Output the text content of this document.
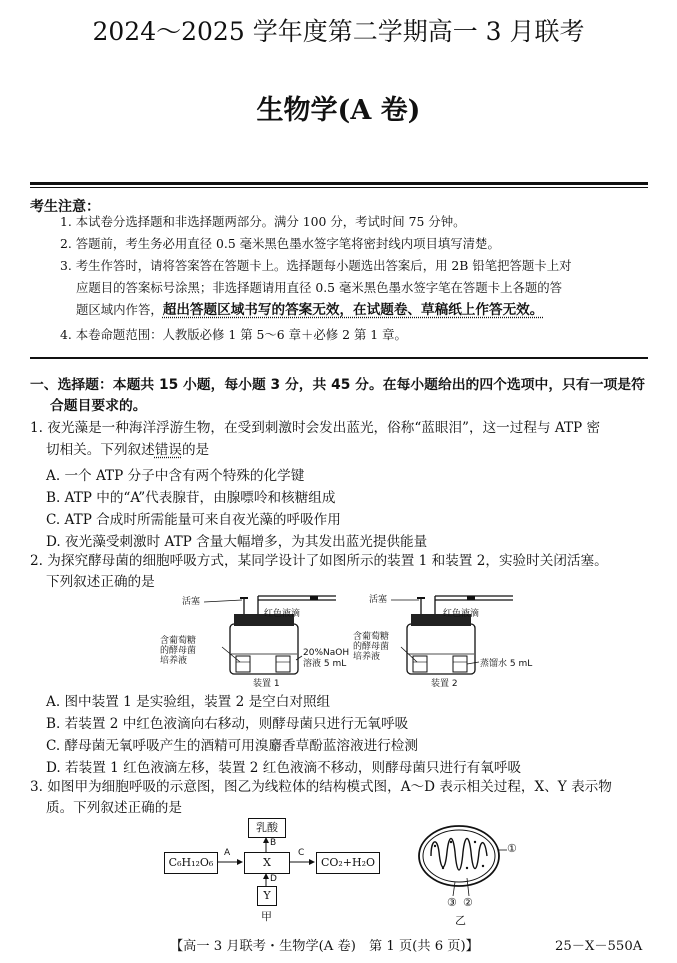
2024～2025 学年度第二学期高一 3 月联考
生物学(A 卷)
考生注意：
1. 本试卷分选择题和非选择题两部分。满分 100 分，考试时间 75 分钟。
2. 答题前，考生务必用直径 0.5 毫米黑色墨水签字笔将密封线内项目填写清楚。
3. 考生作答时，请将答案答在答题卡上。选择题每小题选出答案后，用 2B 铅笔把答题卡上对
应题目的答案标号涂黑；非选择题请用直径 0.5 毫米黑色墨水签字笔在答题卡上各题的答
题区域内作答，超出答题区域书写的答案无效，在试题卷、草稿纸上作答无效。
4. 本卷命题范围：人教版必修 1 第 5～6 章＋必修 2 第 1 章。
一、选择题：本题共 15 小题，每小题 3 分，共 45 分。在每小题给出的四个选项中，只有一项是符
合题目要求的。
1. 夜光藻是一种海洋浮游生物，在受到刺激时会发出蓝光，俗称“蓝眼泪”，这一过程与 ATP 密
切相关。下列叙述错误的是
A. 一个 ATP 分子中含有两个特殊的化学键
B. ATP 中的“A”代表腺苷，由腺嘌呤和核糖组成
C. ATP 合成时所需能量可来自夜光藻的呼吸作用
D. 夜光藻受刺激时 ATP 含量大幅增多，为其发出蓝光提供能量
2. 为探究酵母菌的细胞呼吸方式，某同学设计了如图所示的装置 1 和装置 2，实验时关闭活塞。
下列叙述正确的是
活塞
红色液滴
含葡萄糖
的酵母菌
培养液
20%NaOH
溶液 5 mL
装置 1
活塞
红色液滴
含葡萄糖
的酵母菌
培养液
蒸馏水 5 mL
装置 2
A. 图中装置 1 是实验组，装置 2 是空白对照组
B. 若装置 2 中红色液滴向右移动，则酵母菌只进行无氧呼吸
C. 酵母菌无氧呼吸产生的酒精可用溴麝香草酚蓝溶液进行检测
D. 若装置 1 红色液滴左移，装置 2 红色液滴不移动，则酵母菌只进行有氧呼吸
3. 如图甲为细胞呼吸的示意图，图乙为线粒体的结构模式图，A～D 表示相关过程，X、Y 表示物
质。下列叙述正确的是
C₆H₁₂O₆	X
乳酸
CO₂+H₂O
Y
A
B
C
D
甲
①
③ ②
乙
【高一 3 月联考・生物学(A 卷)　第 1 页(共 6 页)】	25－X－550A
